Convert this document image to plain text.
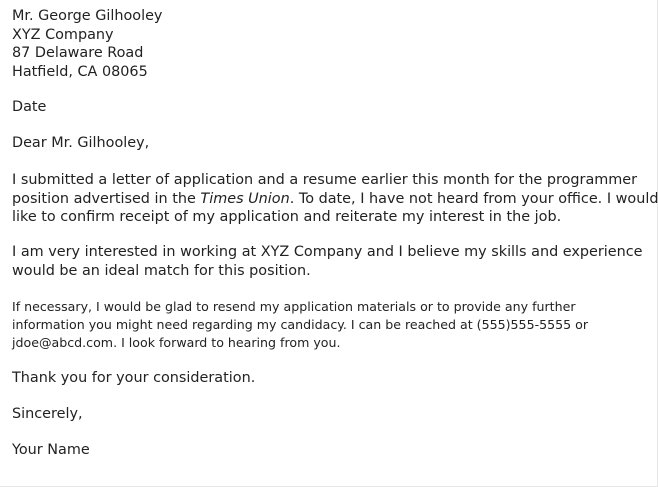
Mr. George Gilhooley
XYZ Company
87 Delaware Road
Hatfield, CA 08065

Date

Dear Mr. Gilhooley,

I submitted a letter of application and a resume earlier this month for the programmer
position advertised in the Times Union. To date, I have not heard from your office. I would
like to confirm receipt of my application and reiterate my interest in the job.
I am very interested in working at XYZ Company and I believe my skills and experience
would be an ideal match for this position.
If necessary, I would be glad to resend my application materials or to provide any further
information you might need regarding my candidacy. I can be reached at (555)555-5555 or
jdoe@abcd.com. I look forward to hearing from you.

Thank you for your consideration.

Sincerely,

Your Name
